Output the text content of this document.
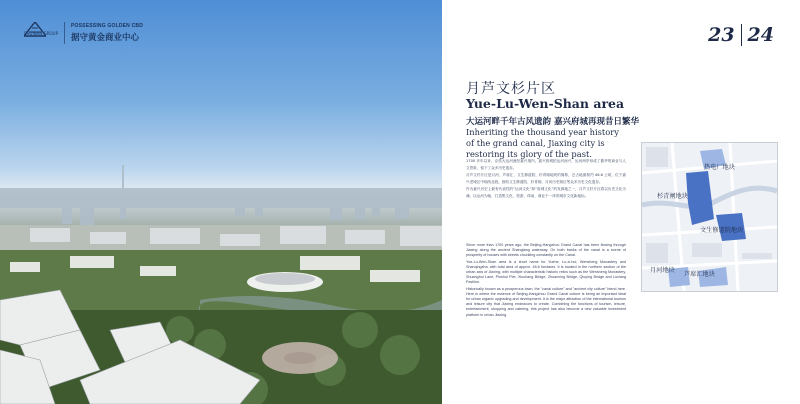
SHUINAN GROUP
POSSESSING GOLDEN CBD
据守黄金商业中心	23 24
月芦文杉片区
Yue-Lu-Wen-Shan area
大运河畔千年古风遗韵 嘉兴府城再现昔日繁华
Inheriting the thousand year history of the grand canal, Jiaxing city is restoring its glory of the past.

1700 多年以来，京杭大运河流经嘉兴境内，嘉兴府城依运河而兴，运河两岸形成了繁华的商业与人文景象，留下了众多历史遗存。

月芦文杉片区是月河、芦席汇、文生修道院、杉青闸地块的简称，总占地面积约 46.6 公顷，位于嘉兴老城区中轴线北段，拥有文生修道院、杉青闸、月河历史街区等众多历史文化遗存。

作为嘉兴历史上最有代表性的“运河文化”和“府城文化”的发源地之一，月芦文杉片区将以历史文化为魂，以运河为轴，打造集文化、旅游、休闲、商业于一体的城市文化新地标。

Since more than 1700 years ago, the Beijing-Hangzhou Grand Canal has been flowing through Jiaxing along the ancient Shangtang waterway. On both banks of the canal is a scene of prosperity of houses with streets chuckling constantly on the Canal.

Yue-Lu-Wen-Shan area is a short name for Yuehe, Lu-xi-hui, Wensheng Monastery and Shanqingzha, with total area of approx. 46.6 hectares. It is located in the northern section of the urban axis of Jiaxing, with multiple characteristic historic relics such as the Wensheng Monastery, Shuanghui Lane, Pinshui Pier, Xiuchang Bridge, Zhuanxing Bridge, Qiuying Bridge and Luxiang Pavilion.

Historically known as a prosperous town, the "canal culture" and "ancient city culture" blend here. Here is where the essence of Beijing-Hangzhou Grand Canal culture is being an important ideal for urban organic upgrading and development. It is the major attraction of the international tourism and leisure city that Jiaxing endeavors to create. Combining the functions of tourism, leisure, entertainment, shopping and catering, this project has also become a new valuable investment platform in urban Jiaxing.

热电厂地块
杉青闸地块
文生修道院地块
月河地块
芦席汇地块
